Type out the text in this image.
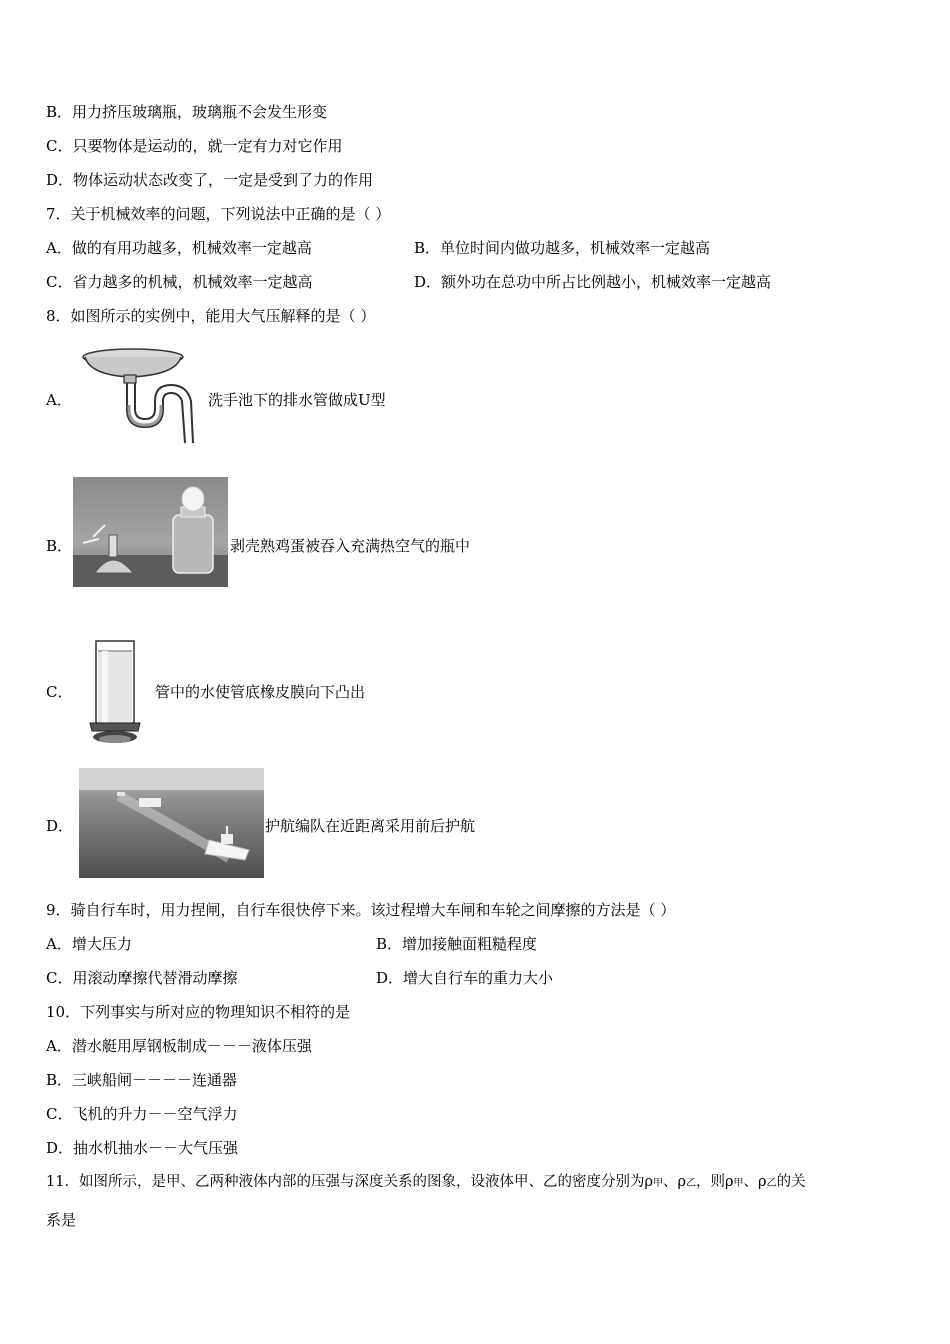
B．用力挤压玻璃瓶，玻璃瓶不会发生形变
C．只要物体是运动的，就一定有力对它作用
D．物体运动状态改变了，一定是受到了力的作用
7．关于机械效率的问题，下列说法中正确的是（ ）
A．做的有用功越多，机械效率一定越高	B．单位时间内做功越多，机械效率一定越高
C．省力越多的机械，机械效率一定越高	D．额外功在总功中所占比例越小，机械效率一定越高
8．如图所示的实例中，能用大气压解释的是（ ）
A．	洗手池下的排水管做成U型
B．	剥壳熟鸡蛋被吞入充满热空气的瓶中
C．	管中的水使管底橡皮膜向下凸出
D．	护航编队在近距离采用前后护航
9．骑自行车时，用力捏闸，自行车很快停下来。该过程增大车闸和车轮之间摩擦的方法是（ ）
A．增大压力	B．增加接触面粗糙程度
C．用滚动摩擦代替滑动摩擦	D．增大自行车的重力大小
10．下列事实与所对应的物理知识不相符的是
A．潜水艇用厚钢板制成－－－液体压强
B．三峡船闸－－－－连通器
C．飞机的升力－－空气浮力
D．抽水机抽水－－大气压强
11．如图所示，是甲、乙两种液体内部的压强与深度关系的图象，设液体甲、乙的密度分别为ρ甲、ρ乙，则ρ甲、ρ乙的关
系是
